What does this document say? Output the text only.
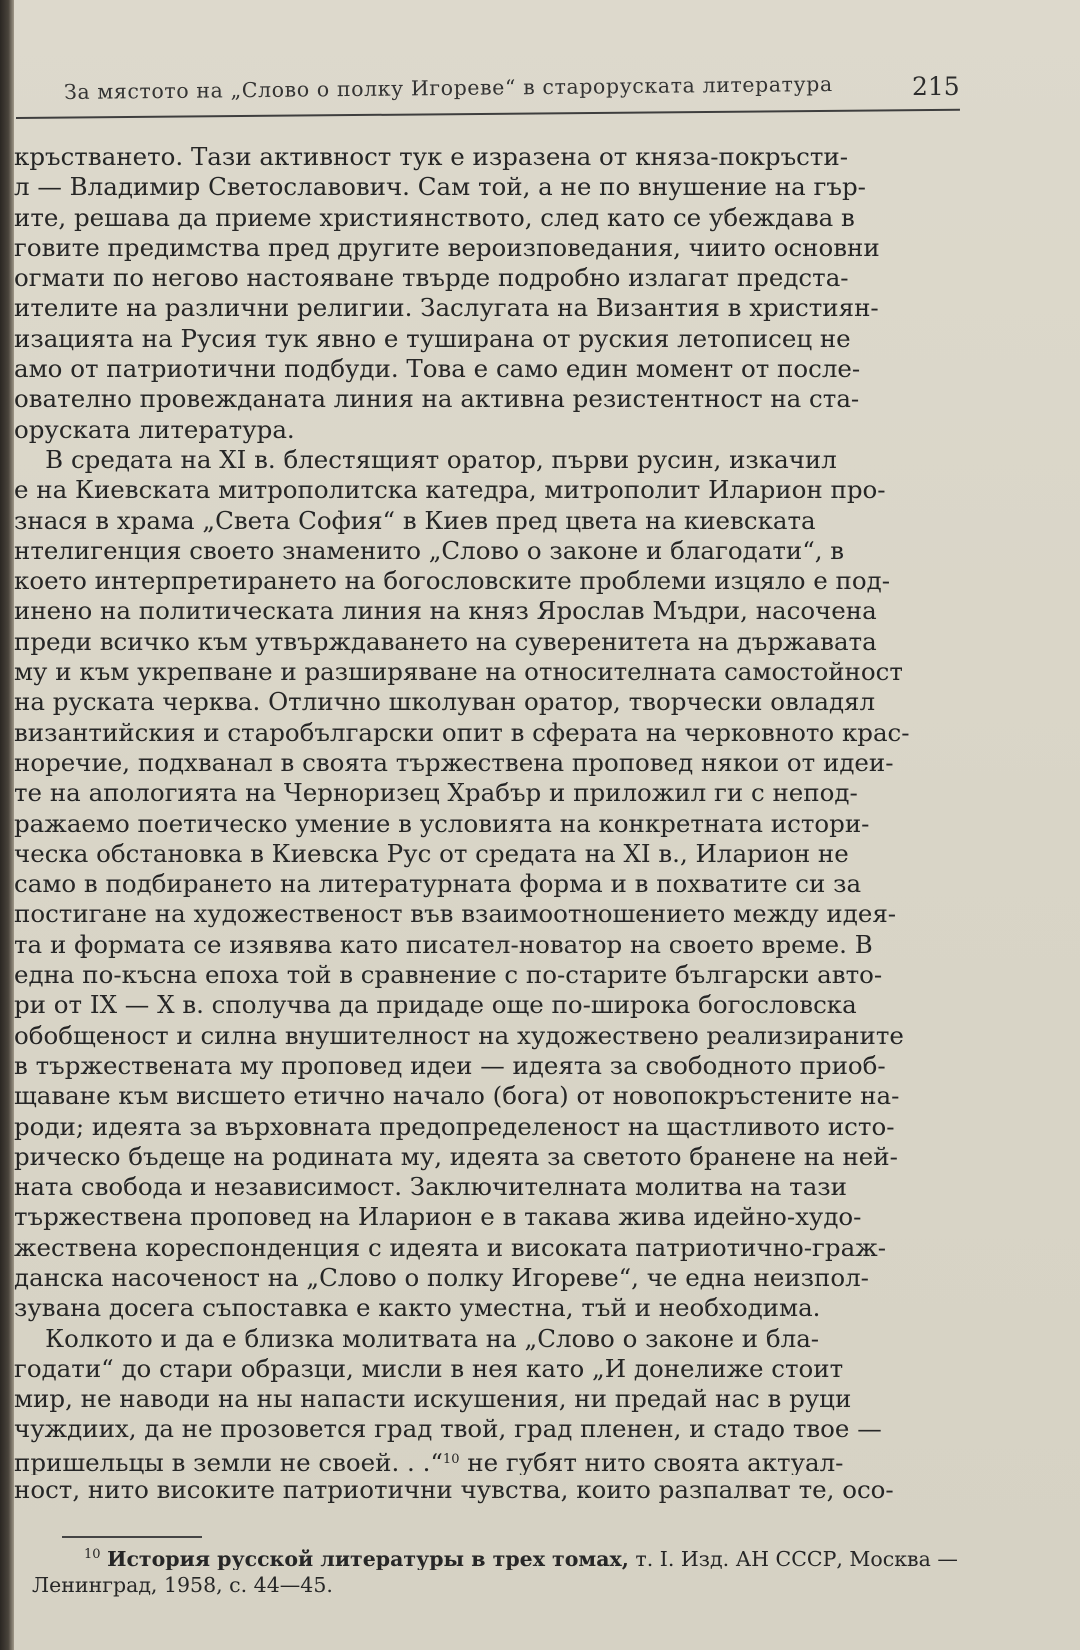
За мястото на „Слово о полку Игореве“ в староруската литература	215
кръстването. Тази активност тук е изразена от княза-покръсти-
л — Владимир Светославович. Сам той, а не по внушение на гър-
ите, решава да приеме християнството, след като се убеждава в
говите предимства пред другите вероизповедания, чиито основни
огмати по негово настояване твърде подробно излагат предста-
ителите на различни религии. Заслугата на Византия в християн-
изацията на Русия тук явно е туширана от руския летописец не
амо от патриотични подбуди. Това е само един момент от после-
ователно провежданата линия на активна резистентност на ста-
оруската литература.
В средата на XI в. блестящият оратор, първи русин, изкачил
е на Киевската митрополитска катедра, митрополит Иларион про-
знася в храма „Света София“ в Киев пред цвета на киевската
нтелигенция своето знаменито „Слово о законе и благодати“, в
което интерпретирането на богословските проблеми изцяло е под-
инено на политическата линия на княз Ярослав Мъдри, насочена
преди всичко към утвърждаването на суверенитета на държавата
му и към укрепване и разширяване на относителната самостойност
на руската черква. Отлично школуван оратор, творчески овладял
византийския и старобългарски опит в сферата на черковното крас-
норечие, подхванал в своята тържествена проповед някои от идеи-
те на апологията на Черноризец Храбър и приложил ги с непод-
ражаемо поетическо умение в условията на конкретната истори-
ческа обстановка в Киевска Рус от средата на XI в., Иларион не
само в подбирането на литературната форма и в похватите си за
постигане на художественост във взаимоотношението между идея-
та и формата се изявява като писател-новатор на своето време. В
една по-късна епоха той в сравнение с по-старите български авто-
ри от IX — X в. сполучва да придаде още по-широка богословска
обобщеност и силна внушителност на художествено реализираните
в тържествената му проповед идеи — идеята за свободното приоб-
щаване към висшето етично начало (бога) от новопокръстените на-
роди; идеята за върховната предопределеност на щастливото исто-
рическо бъдеще на родината му, идеята за светото бранене на ней-
ната свобода и независимост. Заключителната молитва на тази
тържествена проповед на Иларион е в такава жива идейно-худо-
жествена кореспонденция с идеята и високата патриотично-граж-
данска насоченост на „Слово о полку Игореве“, че една неизпол-
зувана досега съпоставка е както уместна, тъй и необходима.
Колкото и да е близка молитвата на „Слово о законе и бла-
годати“ до стари образци, мисли в нея като „И донелиже стоит
мир, не наводи на ны напасти искушения, ни предай нас в руци
чуждиих, да не прозовется град твой, град пленен, и стадо твое —
пришельцы в земли не своей. . .“$^{10}$ не губят нито своята актуал-
ност, нито високите патриотични чувства, които разпалват те, осо-
$^{10}$ История русской литературы в трех томах, т. I. Изд. АН СССР, Москва —
Ленинград, 1958, с. 44—45.
